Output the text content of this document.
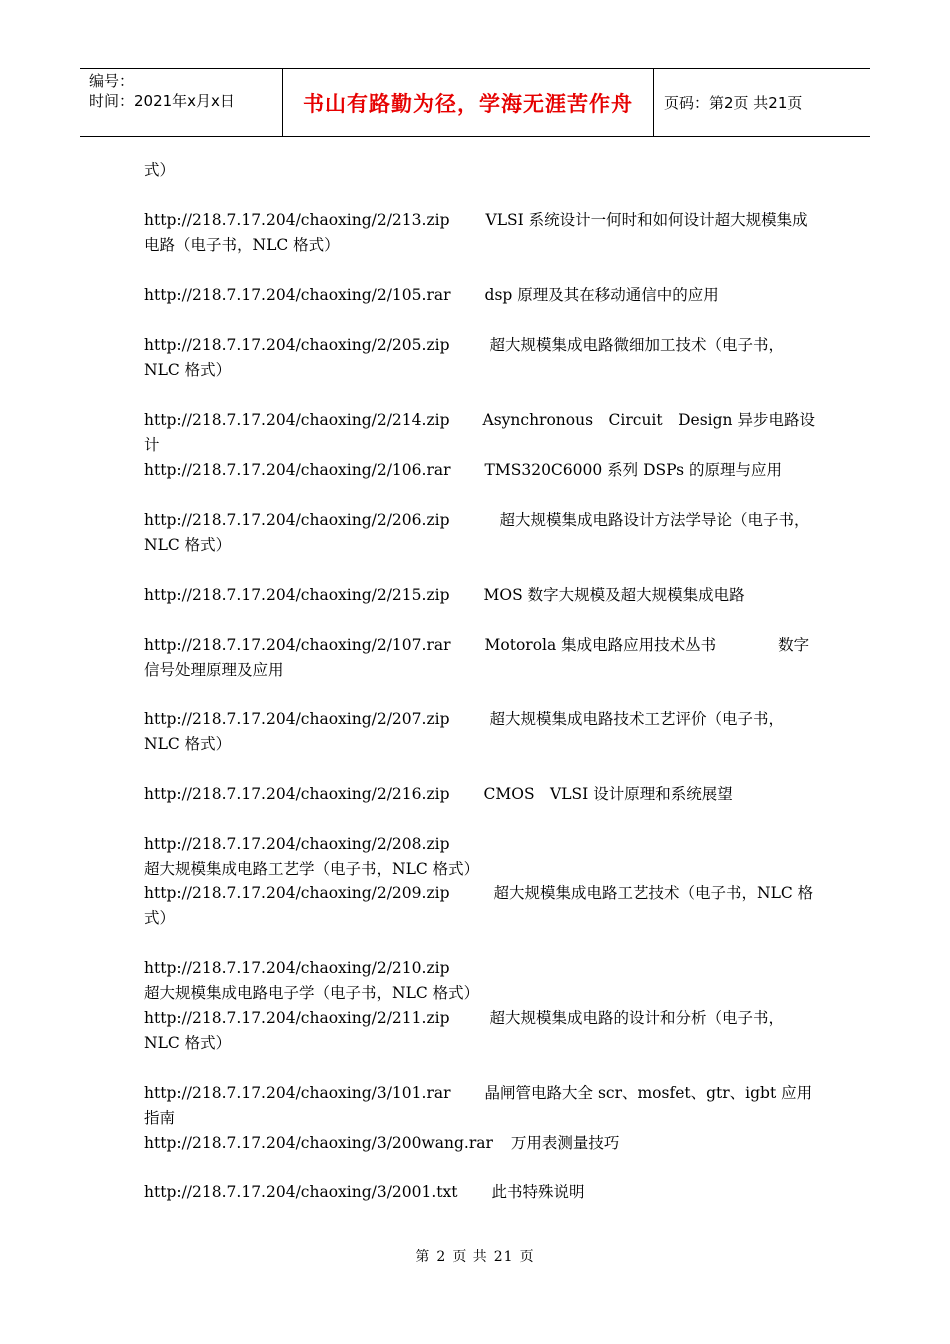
编号：
时间：2021年x月x日	书山有路勤为径，学海无涯苦作舟 页码：第2页 共21页
式）
http://218.7.17.204/chaoxing/2/213.zip VLSI 系统设计一何时和如何设计超大规模集成电路（电子书，NLC 格式）
http://218.7.17.204/chaoxing/2/105.rar dsp 原理及其在移动通信中的应用
http://218.7.17.204/chaoxing/2/205.zip	超大规模集成电路微细加工技术（电子书，NLC 格式）
http://218.7.17.204/chaoxing/2/214.zip Asynchronous　Circuit　Design 异步电路设计
http://218.7.17.204/chaoxing/2/106.rar TMS320C6000 系列 DSPs 的原理与应用
http://218.7.17.204/chaoxing/2/206.zip	超大规模集成电路设计方法学导论（电子书，NLC 格式）
http://218.7.17.204/chaoxing/2/215.zip MOS 数字大规模及超大规模集成电路
http://218.7.17.204/chaoxing/2/107.rar Motorola 集成电路应用技术丛书　　　　数字信号处理原理及应用
http://218.7.17.204/chaoxing/2/207.zip	超大规模集成电路技术工艺评价（电子书，NLC 格式）
http://218.7.17.204/chaoxing/2/216.zip CMOS　VLSI 设计原理和系统展望
http://218.7.17.204/chaoxing/2/208.zip超大规模集成电路工艺学（电子书，NLC 格式）
http://218.7.17.204/chaoxing/2/209.zip	超大规模集成电路工艺技术（电子书，NLC 格式）
http://218.7.17.204/chaoxing/2/210.zip超大规模集成电路电子学（电子书，NLC 格式）
http://218.7.17.204/chaoxing/2/211.zip	超大规模集成电路的设计和分析（电子书，NLC 格式）
http://218.7.17.204/chaoxing/3/101.rar 晶闸管电路大全 scr、mosfet、gtr、igbt 应用指南
http://218.7.17.204/chaoxing/3/200wang.rar 万用表测量技巧
http://218.7.17.204/chaoxing/3/2001.txt 此书特殊说明
第 2 页 共 21 页
